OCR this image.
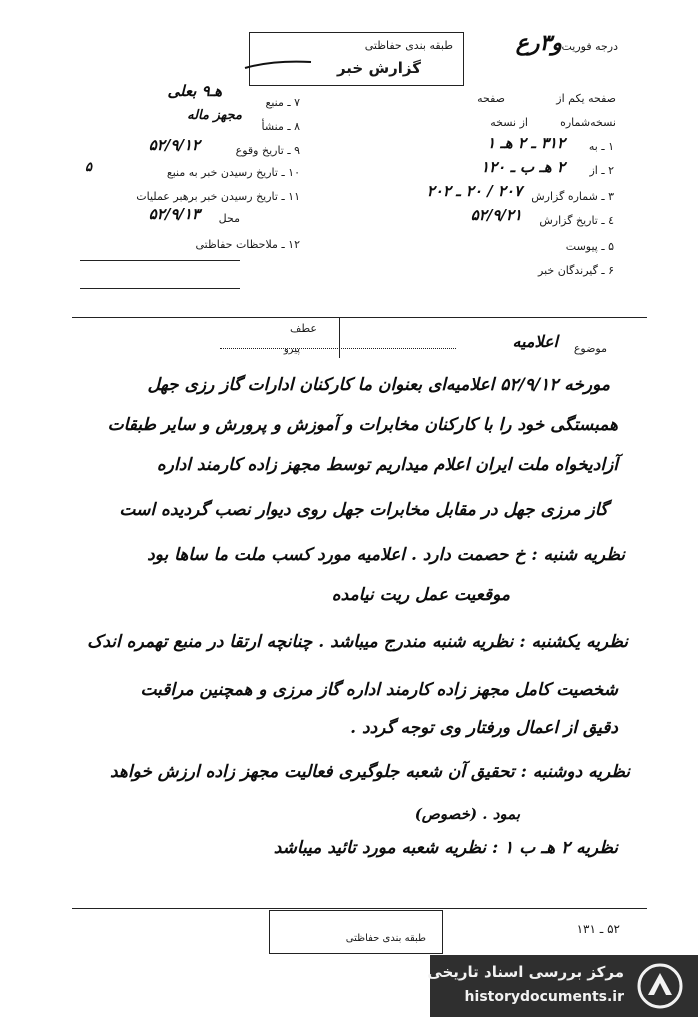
طبقه بندی حفاظتی
گزارش خبر
درجه فوریت
و۳رع
صفحه یکم از
صفحه
نسخه‌شماره
از نسخه
۱ ـ به
۳۱۲ ـ ۲ هـ ۱
۲ ـ از
۲ هـ ب ـ ۱۲۰
۳ ـ شماره گزارش
۲۰۷ / ۲۰ ـ ۲۰۲
٤ ـ تاریخ گزارش
۵۲/۹/۲۱
۵ ـ پیوست
۶ ـ گیرندگان خبر
۷ ـ منبع
هـ۹ بعلی
۸ ـ منشأ
مجهز ماله
۹ ـ تاریخ وقوع
۵۲/۹/۱۲
۱۰ ـ تاریخ رسیدن خبر به منبع
۵
۱۱ ـ تاریخ رسیدن خبر برهبر عملیات
محل
۵۲/۹/۱۳
۱۲ ـ ملاحظات حفاظتی
عطف
پیرو	موضوع
اعلامیه
مورخه ۵۲/۹/۱۲ اعلامیه‌ای بعنوان ما کارکنان ادارات گاز رزی جهل
همبستگی خود را با کارکنان مخابرات و آموزش و پرورش و سایر طبقات
آزادیخواه ملت ایران اعلام میداریم توسط مجهز زاده کارمند اداره
گاز مرزی جهل در مقابل مخابرات جهل روی دیوار نصب گردیده است
نظریه شنبه : خ حصمت دارد . اعلامیه مورد کسب ملت ما ساها بود
موقعیت عمل ریت نیامده
نظریه یکشنبه : نظریه شنبه مندرج میباشد . چنانچه ارتقا در منبع تهمره اندک
شخصیت کامل مجهز زاده کارمند اداره گاز مرزی و همچنین مراقبت
دقیق از اعمال ورفتار وی توجه گردد .
نظریه دوشنبه : تحقیق آن شعبه جلوگیری فعالیت مجهز زاده ارزش خواهد
بمود . (خصوص)
نظریه ۲ هـ ب ۱ : نظریه شعبه مورد تائید میباشد
۵۲ ـ ۱۳۱
طبقه بندی حفاظتی
مرکز بررسی اسناد تاریخی
historydocuments.ir
